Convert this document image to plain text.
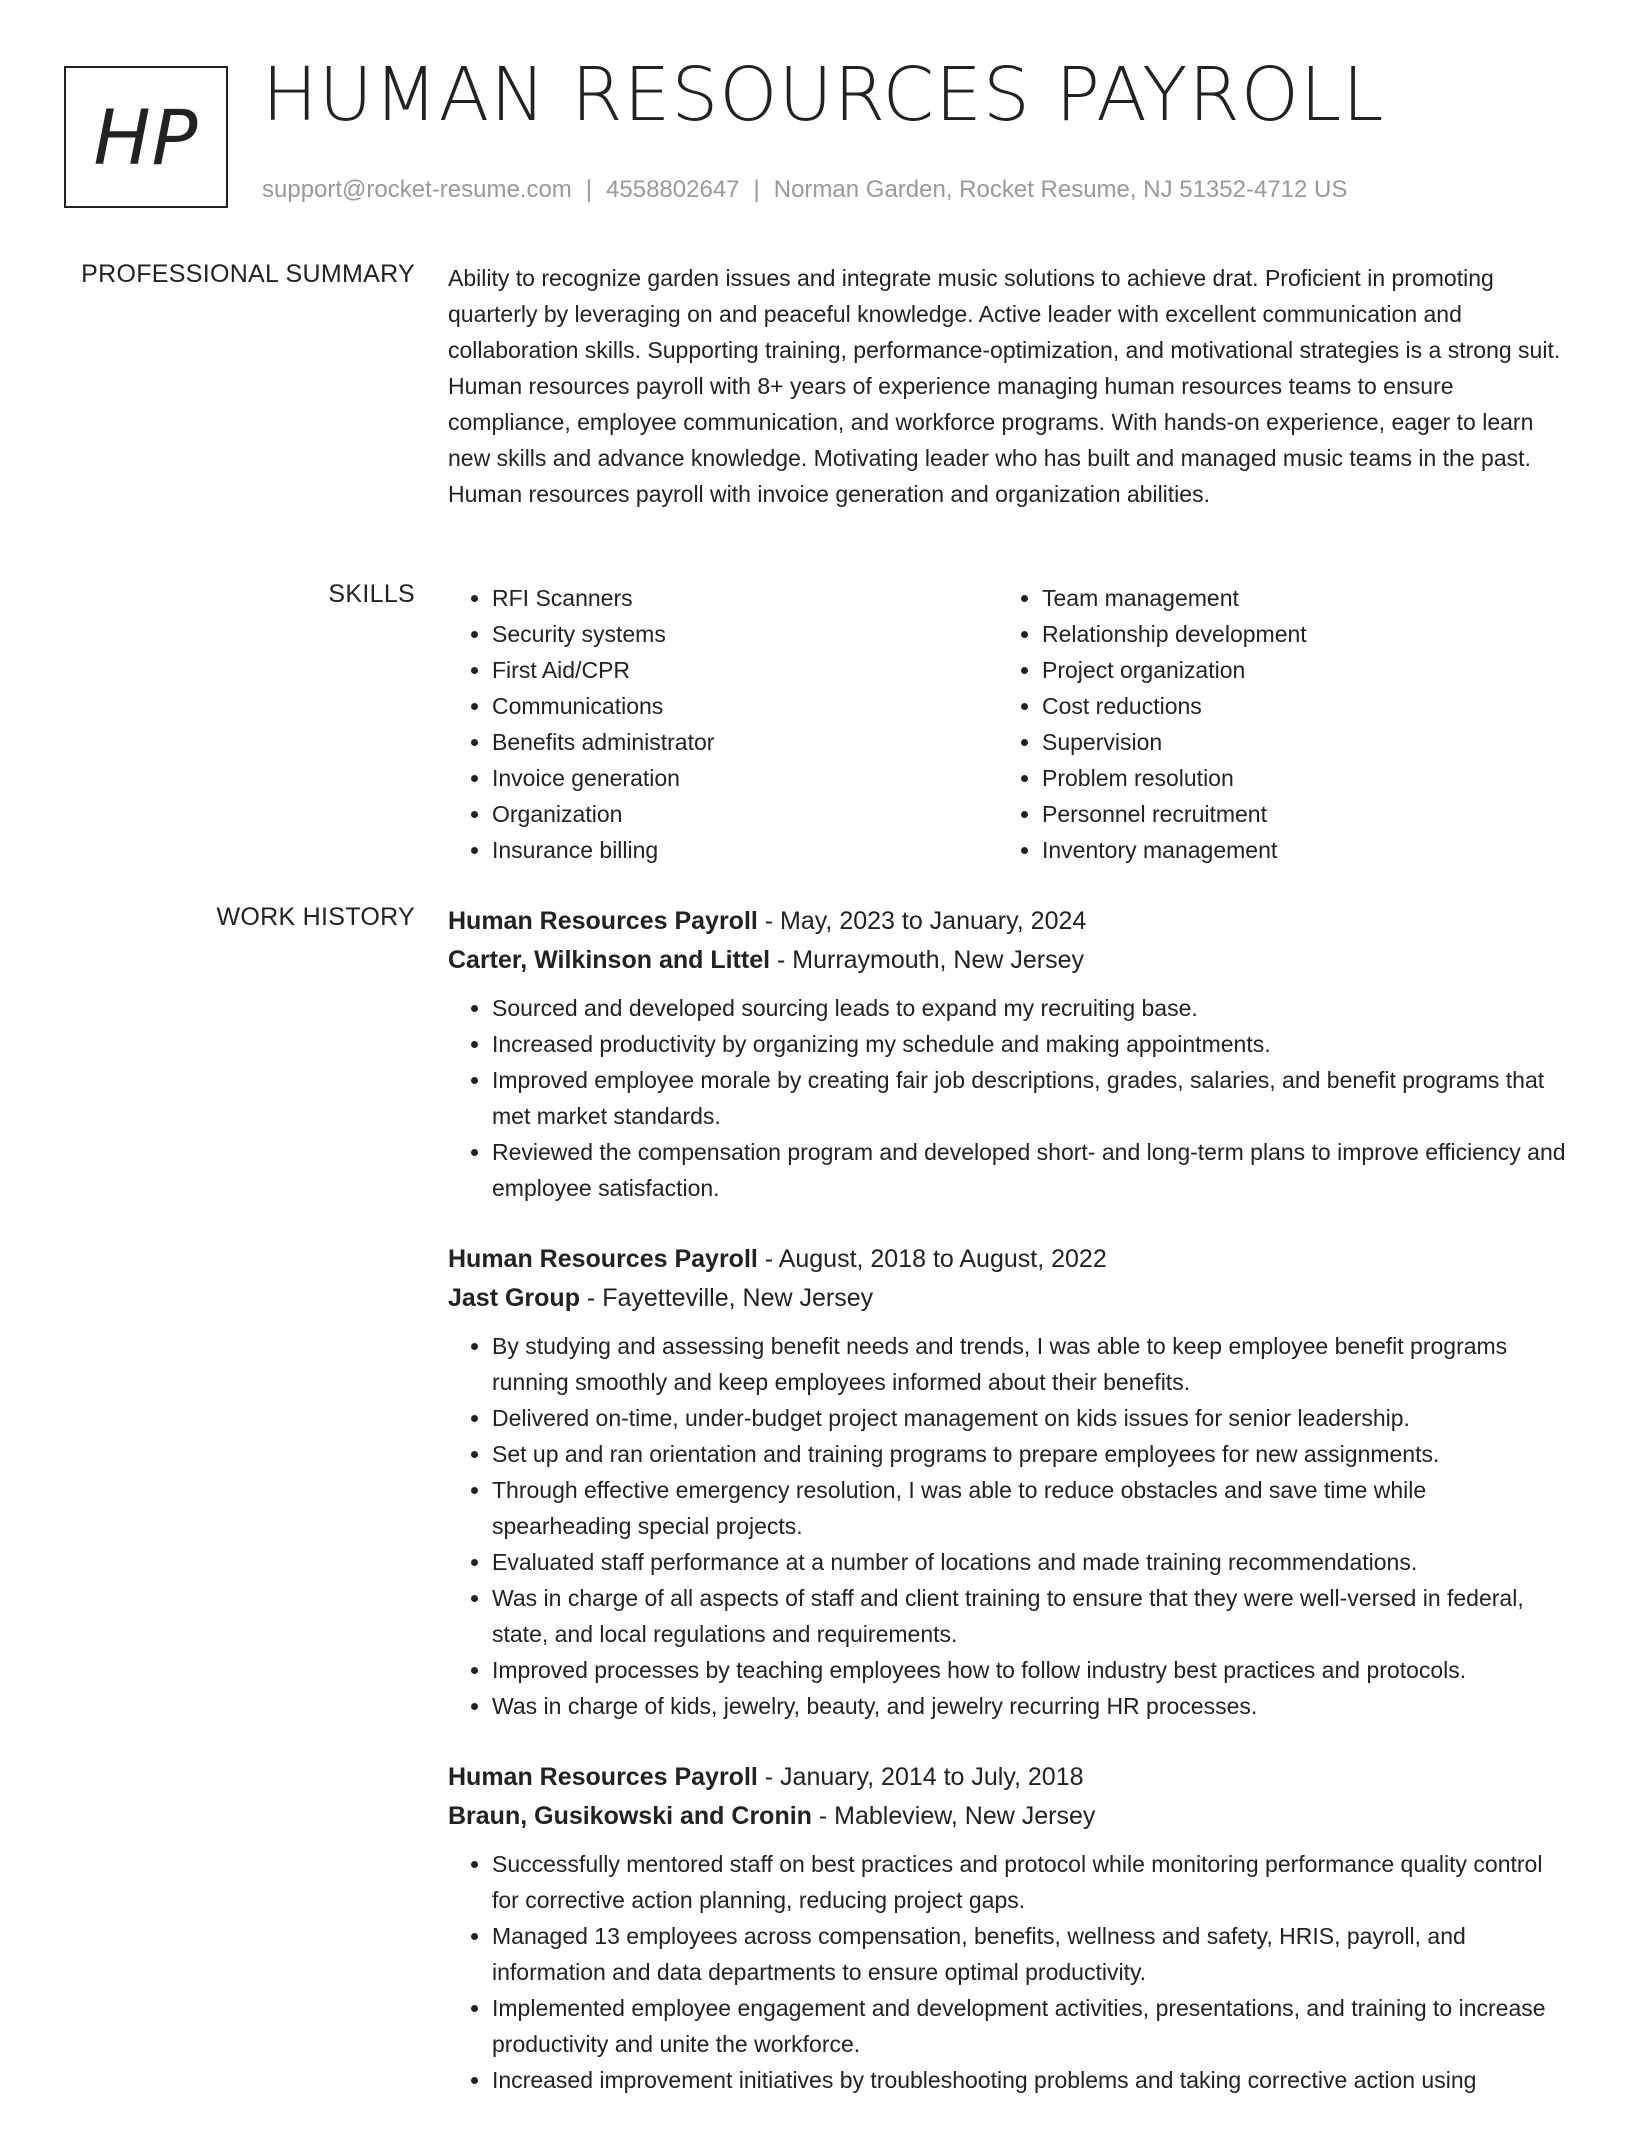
HP HUMAN RESOURCES PAYROLL
support@rocket-resume.com | 4558802647 | Norman Garden, Rocket Resume, NJ 51352-4712 US
PROFESSIONAL SUMMARY Ability to recognize garden issues and integrate music solutions to achieve drat. Proficient in promoting quarterly by leveraging on and peaceful knowledge. Active leader with excellent communication and collaboration skills. Supporting training, performance-optimization, and motivational strategies is a strong suit. Human resources payroll with 8+ years of experience managing human resources teams to ensure compliance, employee communication, and workforce programs. With hands-on experience, eager to learn new skills and advance knowledge. Motivating leader who has built and managed music teams in the past. Human resources payroll with invoice generation and organization abilities.

SKILLS
•	RFI Scanners
• Security systems
• First Aid/CPR
• Communications
• Benefits administrator
• Invoice generation
• Organization
• Insurance billing
• Team management
• Relationship development
• Project organization
• Cost reductions
• Supervision
• Problem resolution
• Personnel recruitment
• Inventory management
WORK HISTORY Human Resources Payroll - May, 2023 to January, 2024
Carter, Wilkinson and Littel - Murraymouth, New Jersey
• Sourced and developed sourcing leads to expand my recruiting base.
• Increased productivity by organizing my schedule and making appointments.
• Improved employee morale by creating fair job descriptions, grades, salaries, and benefit programs that met market standards.
• Reviewed the compensation program and developed short- and long-term plans to improve efficiency and employee satisfaction.
Human Resources Payroll - August, 2018 to August, 2022
Jast Group - Fayetteville, New Jersey
• By studying and assessing benefit needs and trends, I was able to keep employee benefit programs running smoothly and keep employees informed about their benefits.
• Delivered on-time, under-budget project management on kids issues for senior leadership.
• Set up and ran orientation and training programs to prepare employees for new assignments.
• Through effective emergency resolution, I was able to reduce obstacles and save time while spearheading special projects.
• Evaluated staff performance at a number of locations and made training recommendations.
• Was in charge of all aspects of staff and client training to ensure that they were well-versed in federal, state, and local regulations and requirements.
• Improved processes by teaching employees how to follow industry best practices and protocols.
• Was in charge of kids, jewelry, beauty, and jewelry recurring HR processes.
Human Resources Payroll - January, 2014 to July, 2018
Braun, Gusikowski and Cronin - Mableview, New Jersey
• Successfully mentored staff on best practices and protocol while monitoring performance quality control for corrective action planning, reducing project gaps.
• Managed 13 employees across compensation, benefits, wellness and safety, HRIS, payroll, and information and data departments to ensure optimal productivity.
• Implemented employee engagement and development activities, presentations, and training to increase productivity and unite the workforce.
• Increased improvement initiatives by troubleshooting problems and taking corrective action using
